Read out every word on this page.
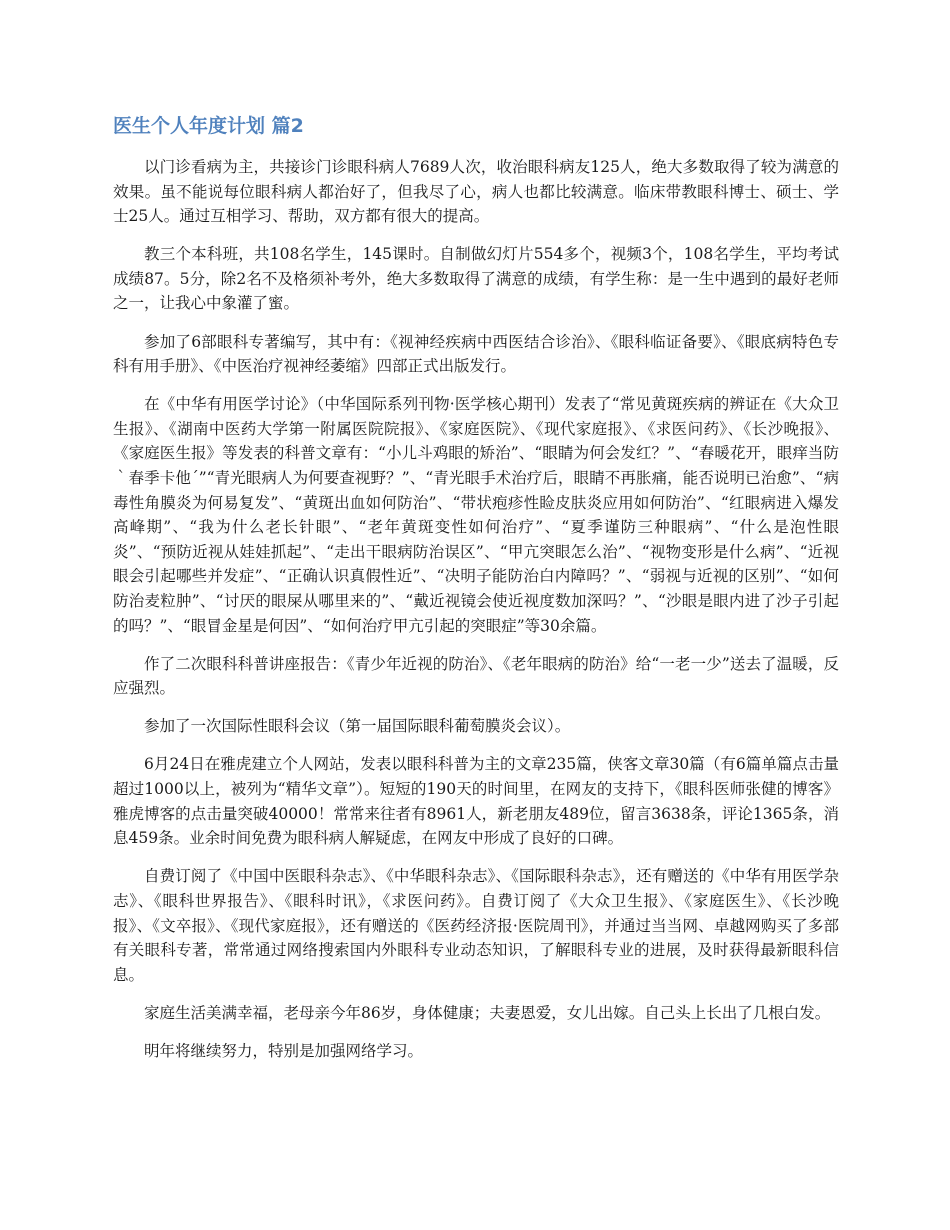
医生个人年度计划 篇2

以门诊看病为主，共接诊门诊眼科病人7689人次，收治眼科病友125人，绝大多数取得了较为满意的效果。虽不能说每位眼科病人都治好了，但我尽了心，病人也都比较满意。临床带教眼科博士、硕士、学士25人。通过互相学习、帮助，双方都有很大的提高。

教三个本科班，共108名学生，145课时。自制做幻灯片554多个，视频3个，108名学生，平均考试成绩87。5分，除2名不及格须补考外，绝大多数取得了满意的成绩，有学生称：是一生中遇到的最好老师之一，让我心中象灌了蜜。

参加了6部眼科专著编写，其中有：《视神经疾病中西医结合诊治》、《眼科临证备要》、《眼底病特色专科有用手册》、《中医治疗视神经萎缩》四部正式出版发行。

在《中华有用医学讨论》（中华国际系列刊物·医学核心期刊）发表了“常见黄斑疾病的辨证在《大众卫生报》、《湖南中医药大学第一附属医院院报》、《家庭医院》、《现代家庭报》、《求医问药》、《长沙晚报》、《家庭医生报》等发表的科普文章有：“小儿斗鸡眼的矫治”、“眼睛为何会发红？”、“春暖花开，眼痒当防｀春季卡他´”“青光眼病人为何要查视野？”、“青光眼手术治疗后，眼睛不再胀痛，能否说明已治愈”、“病毒性角膜炎为何易复发”、“黄斑出血如何防治”、“带状疱疹性睑皮肤炎应用如何防治”、“红眼病进入爆发高峰期”、“我为什么老长针眼”、“老年黄斑变性如何治疗”、“夏季谨防三种眼病”、“什么是泡性眼炎”、“预防近视从娃娃抓起”、“走出干眼病防治误区”、“甲亢突眼怎么治”、“视物变形是什么病”、“近视眼会引起哪些并发症”、“正确认识真假性近”、“决明子能防治白内障吗？”、“弱视与近视的区别”、“如何防治麦粒肿”、“讨厌的眼屎从哪里来的”、“戴近视镜会使近视度数加深吗？”、“沙眼是眼内进了沙子引起的吗？”、“眼冒金星是何因”、“如何治疗甲亢引起的突眼症”等30余篇。

作了二次眼科科普讲座报告：《青少年近视的防治》、《老年眼病的防治》给“一老一少”送去了温暖，反应强烈。

参加了一次国际性眼科会议（第一届国际眼科葡萄膜炎会议）。

6月24日在雅虎建立个人网站，发表以眼科科普为主的文章235篇，侠客文章30篇（有6篇单篇点击量超过1000以上，被列为“精华文章”）。短短的190天的时间里，在网友的支持下，《眼科医师张健的博客》雅虎博客的点击量突破40000！常常来往者有8961人，新老朋友489位，留言3638条，评论1365条，消息459条。业余时间免费为眼科病人解疑虑，在网友中形成了良好的口碑。

自费订阅了《中国中医眼科杂志》、《中华眼科杂志》、《国际眼科杂志》，还有赠送的《中华有用医学杂志》、《眼科世界报告》、《眼科时讯》，《求医问药》。自费订阅了《大众卫生报》、《家庭医生》、《长沙晚报》、《文卒报》、《现代家庭报》，还有赠送的《医药经济报·医院周刊》，并通过当当网、卓越网购买了多部有关眼科专著，常常通过网络搜索国内外眼科专业动态知识，了解眼科专业的进展，及时获得最新眼科信息。

家庭生活美满幸福，老母亲今年86岁，身体健康；夫妻恩爱，女儿出嫁。自己头上长出了几根白发。

明年将继续努力，特别是加强网络学习。
